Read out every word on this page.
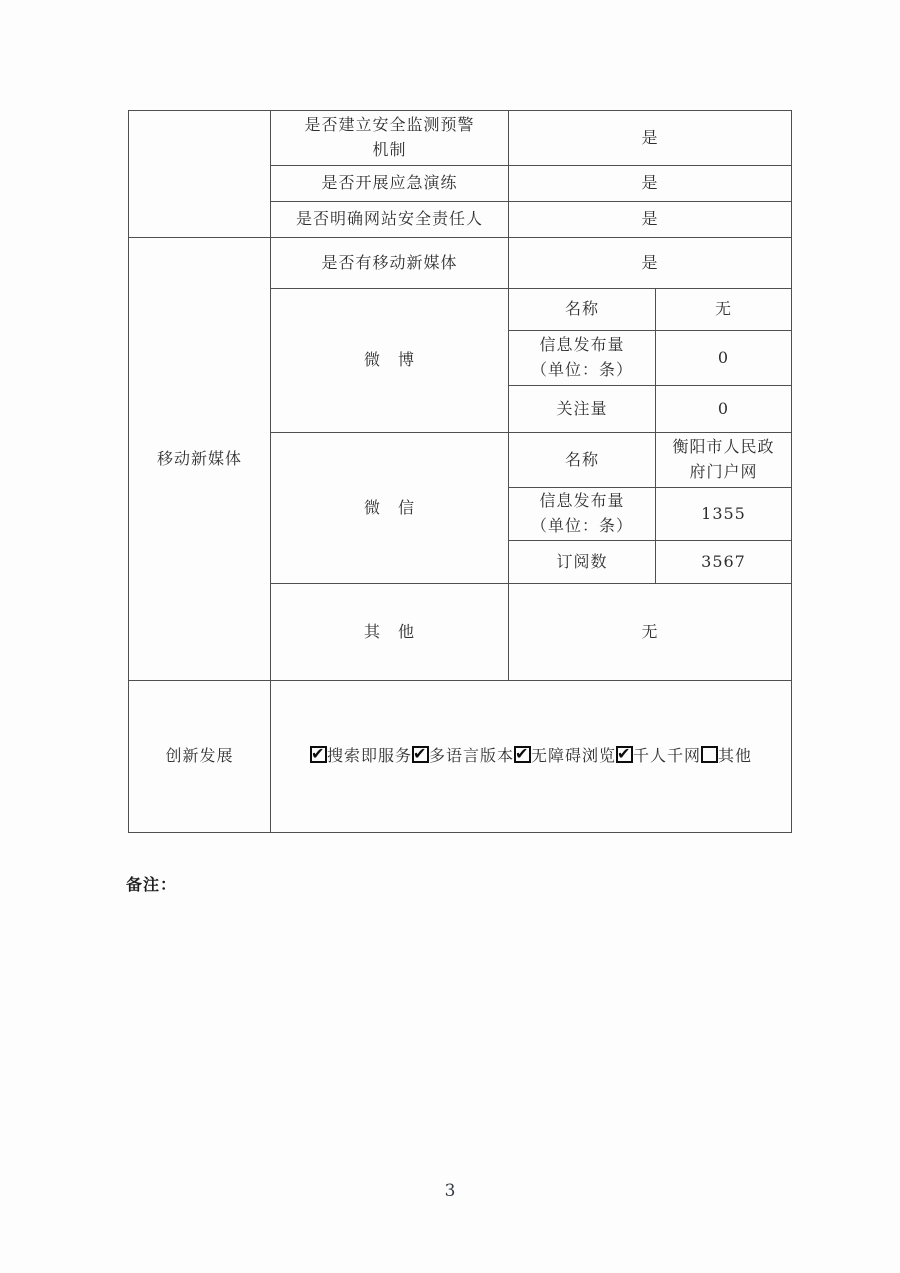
	是否建立安全监测预警
机制	是	
	是否开展应急演练	是	
	是否明确网站安全责任人	是	
移动新媒体	是否有移动新媒体	是	
	微　博	名称	无

		信息发布量
（单位：条）	0
		关注量	0
	微　信	名称	衡阳市人民政
府门户网

		信息发布量
（单位：条）	1355
		订阅数	3567
	其　他	无	
创新发展	✔搜索即服务 ✔ 多语言版本 ✔ 无障碍浏览 ✔ 千人千网 其他
备注：
3
